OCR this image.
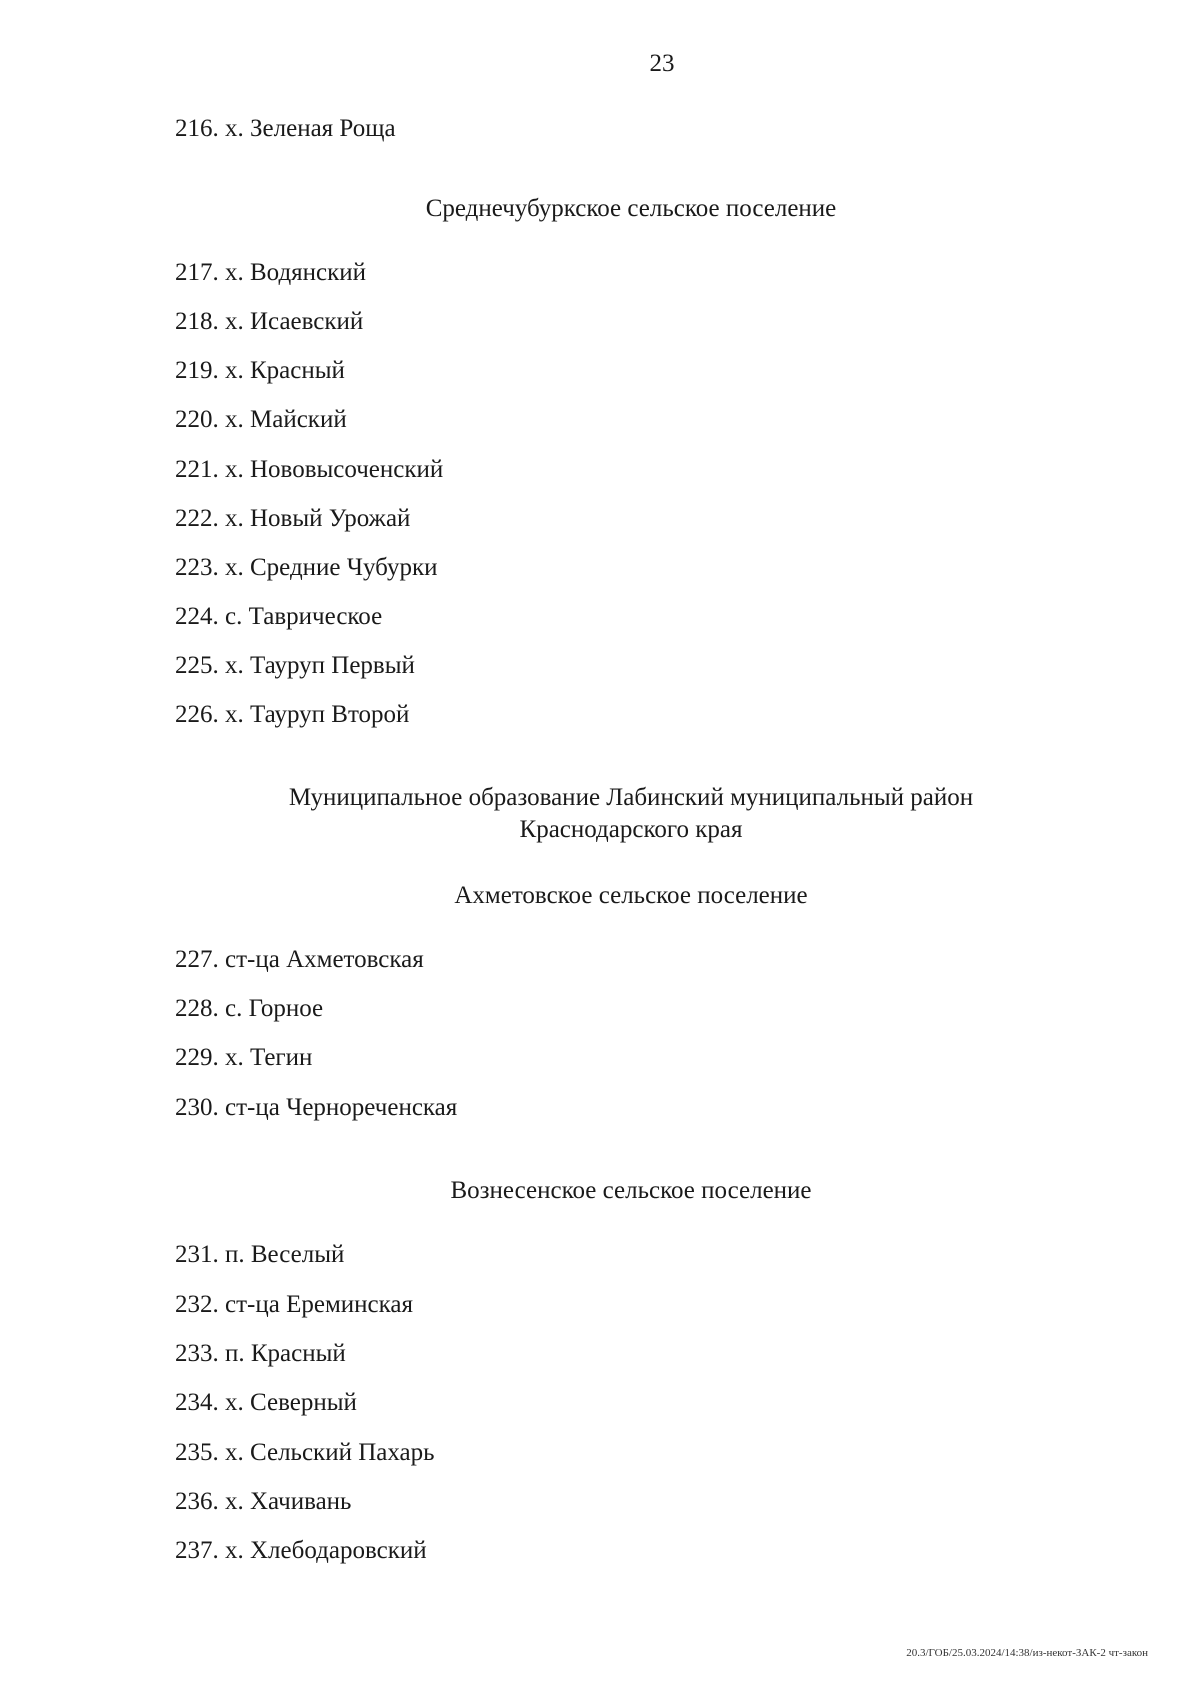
23
216. х. Зеленая Роща
Среднечубуркское сельское поселение
217. х. Водянский
218. х. Исаевский
219. х. Красный
220. х. Майский
221. х. Нововысоченский
222. х. Новый Урожай
223. х. Средние Чубурки
224. с. Таврическое
225. х. Тауруп Первый
226. х. Тауруп Второй
Муниципальное образование Лабинский муниципальный район
Краснодарского края
Ахметовское сельское поселение
227. ст-ца Ахметовская
228. с. Горное
229. х. Тегин
230. ст-ца Чернореченская
Вознесенское сельское поселение
231. п. Веселый
232. ст-ца Ереминская
233. п. Красный
234. х. Северный
235. х. Сельский Пахарь
236. х. Хачивань
237. х. Хлебодаровский
20.3/ГОБ/25.03.2024/14:38/из-некот-ЗАК-2 чт-закон
